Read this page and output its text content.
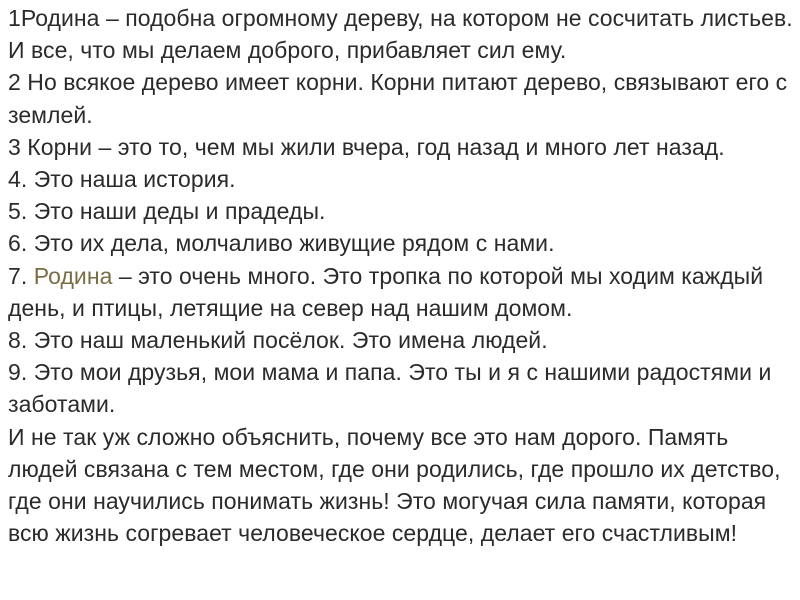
1Родина – подобна огромному дереву, на котором не сосчитать листьев. И все, что мы делаем доброго, прибавляет сил ему.

2 Но всякое дерево имеет корни. Корни питают дерево, связывают его с землей.

3 Корни – это то, чем мы жили вчера, год назад и много лет назад.

4. Это наша история.

5. Это наши деды и прадеды.

6. Это их дела, молчаливо живущие рядом с нами.

7. Родина – это очень много. Это тропка по которой мы ходим каждый день, и птицы, летящие на север над нашим домом.

8. Это наш маленький посёлок. Это имена людей.

9. Это мои друзья, мои мама и папа. Это ты и я с нашими радостями и заботами.

И не так уж сложно объяснить, почему все это нам дорого. Память людей связана с тем местом, где они родились, где прошло их детство, где они научились понимать жизнь! Это могучая сила памяти, которая всю жизнь согревает человеческое сердце, делает его счастливым!
